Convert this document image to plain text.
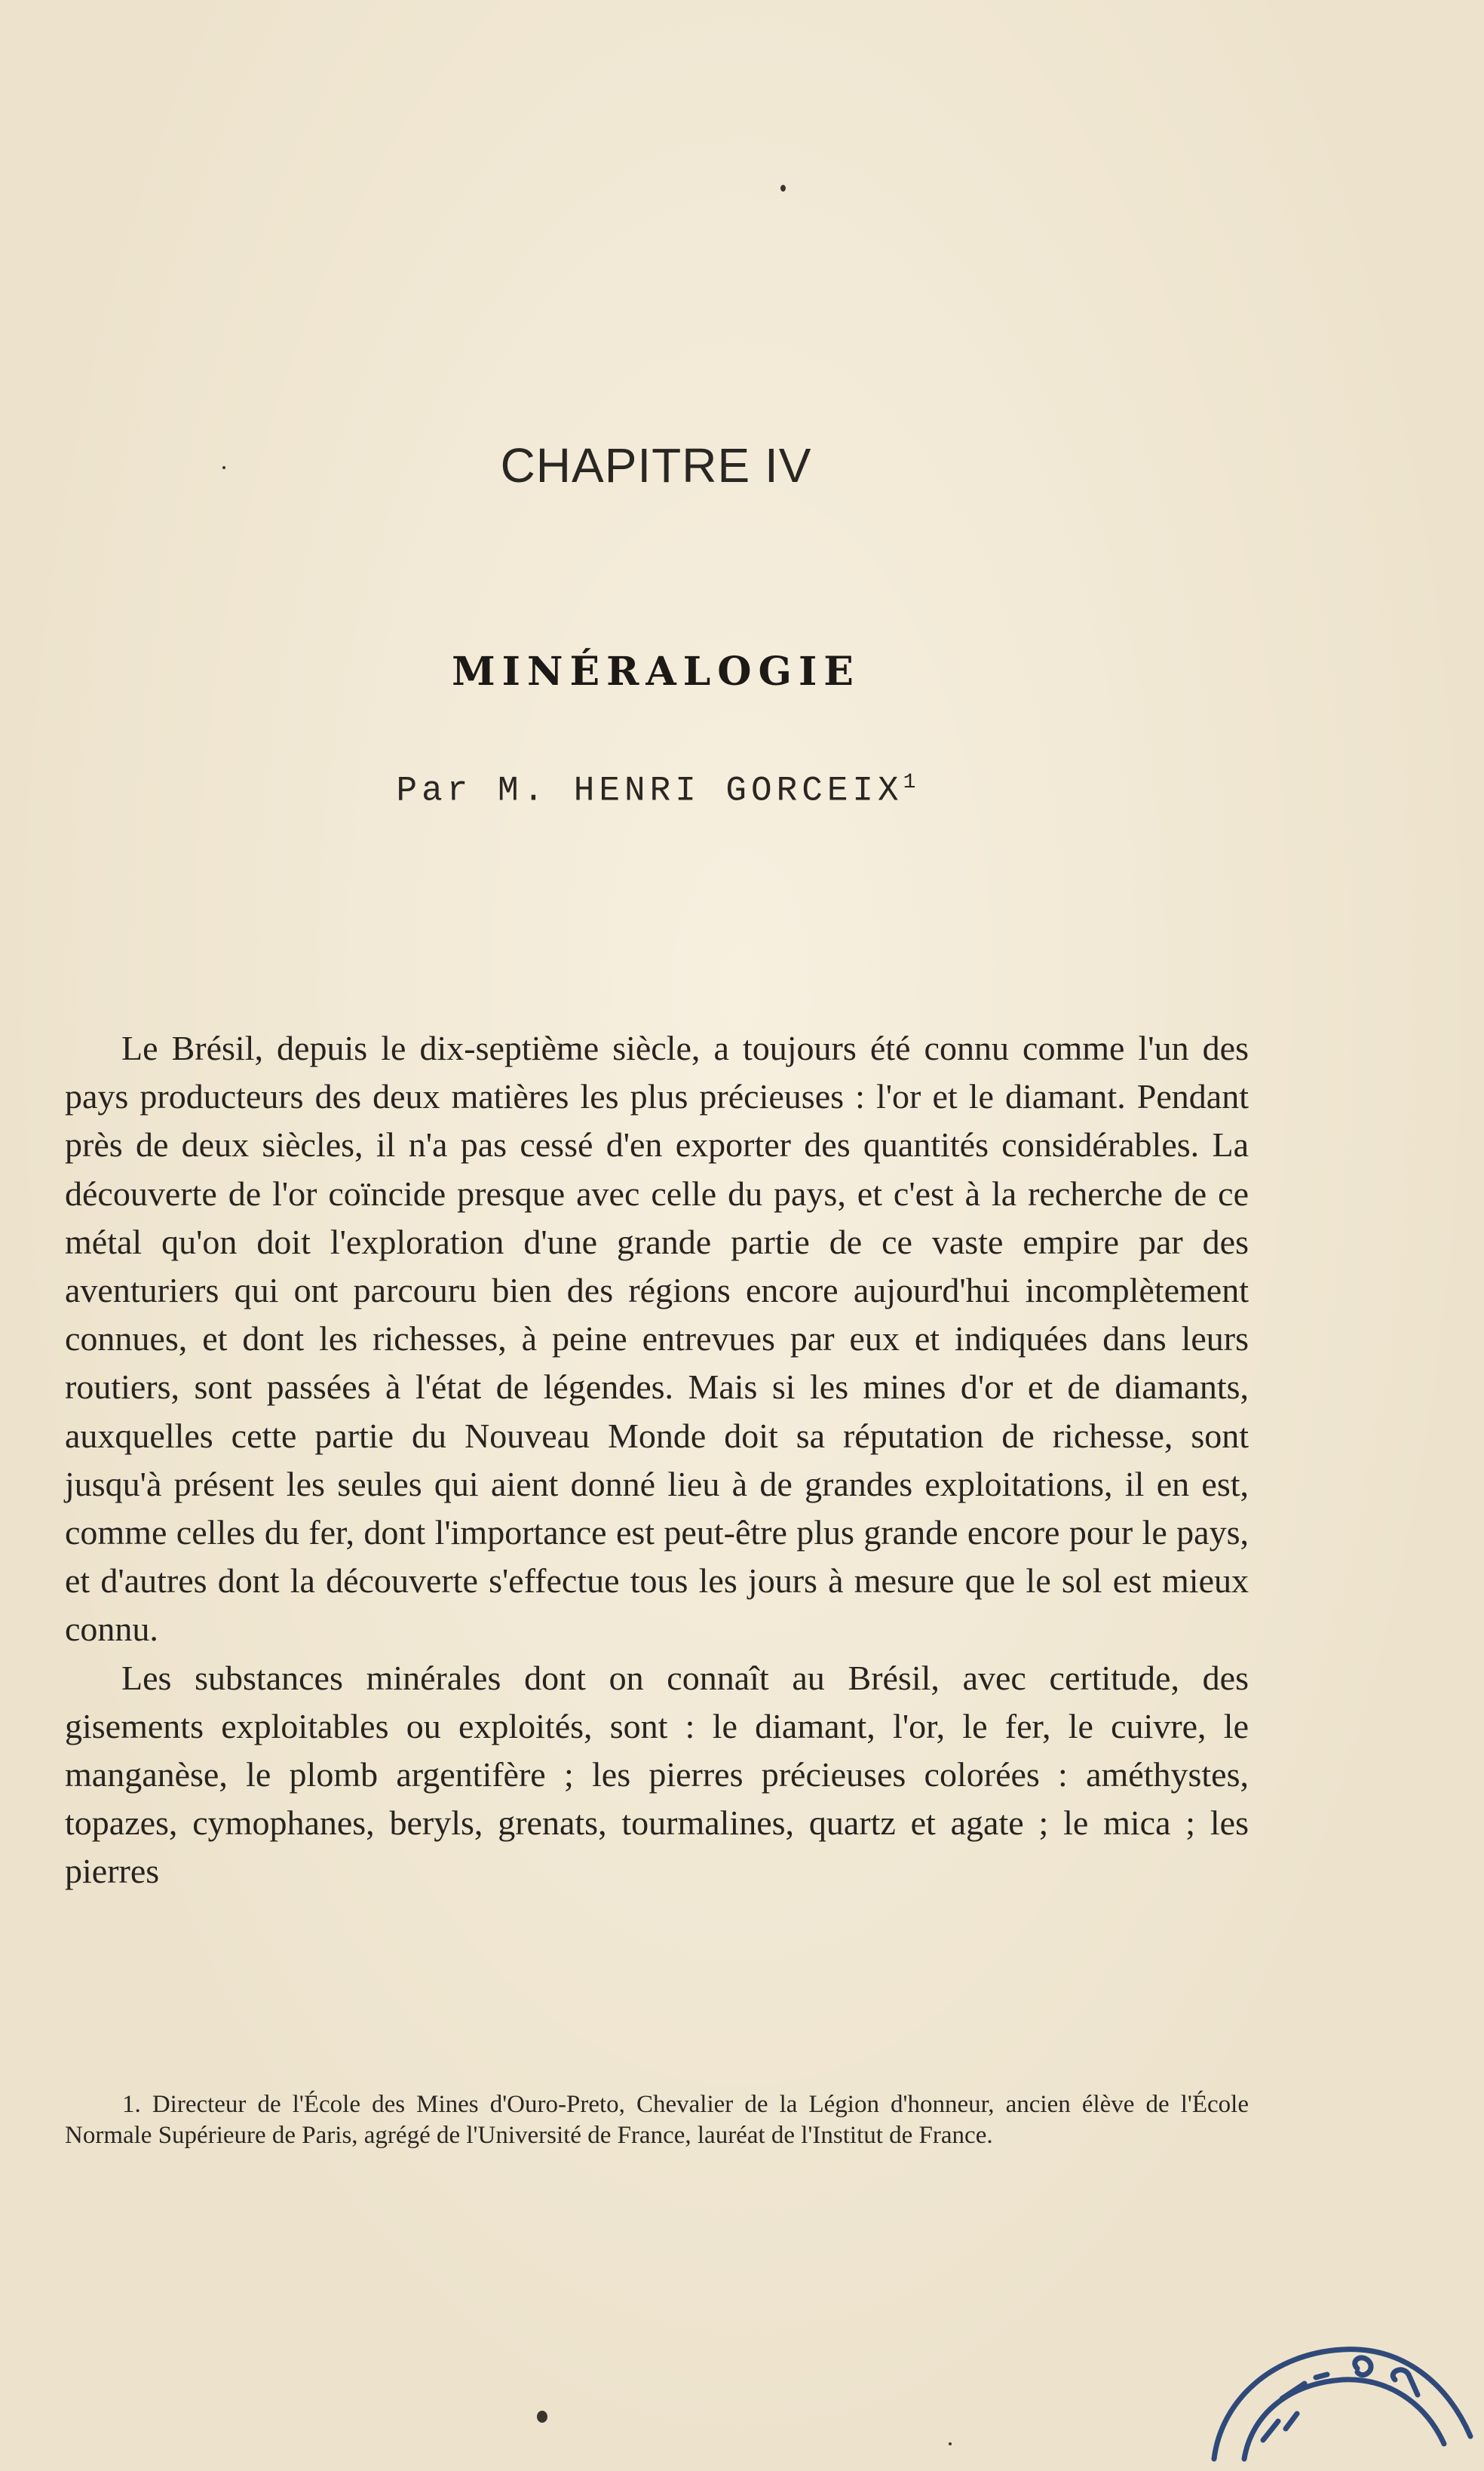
CHAPITRE IV
MINÉRALOGIE
Par M. HENRI GORCEIX$^1$

Le Brésil, depuis le dix-septième siècle, a toujours été connu comme l'un des pays producteurs des deux matières les plus précieuses : l'or et le diamant. Pendant près de deux siècles, il n'a pas cessé d'en exporter des quantités considérables. La découverte de l'or coïncide presque avec celle du pays, et c'est à la recherche de ce métal qu'on doit l'exploration d'une grande partie de ce vaste empire par des aventuriers qui ont parcouru bien des régions encore aujourd'hui incomplètement connues, et dont les richesses, à peine entrevues par eux et indiquées dans leurs routiers, sont passées à l'état de légendes. Mais si les mines d'or et de diamants, auxquelles cette partie du Nouveau Monde doit sa réputation de richesse, sont jusqu'à présent les seules qui aient donné lieu à de grandes exploitations, il en est, comme celles du fer, dont l'importance est peut-être plus grande encore pour le pays, et d'autres dont la découverte s'effectue tous les jours à mesure que le sol est mieux connu.

Les substances minérales dont on connaît au Brésil, avec certitude, des gisements exploitables ou exploités, sont : le diamant, l'or, le fer, le cuivre, le manganèse, le plomb argentifère ; les pierres précieuses colorées : améthystes, topazes, cymophanes, beryls, grenats, tourmalines, quartz et agate ; le mica ; les pierres

1. Directeur de l'École des Mines d'Ouro-Preto, Chevalier de la Légion d'honneur, ancien élève de l'École Normale Supérieure de Paris, agrégé de l'Université de France, lauréat de l'Institut de France.
